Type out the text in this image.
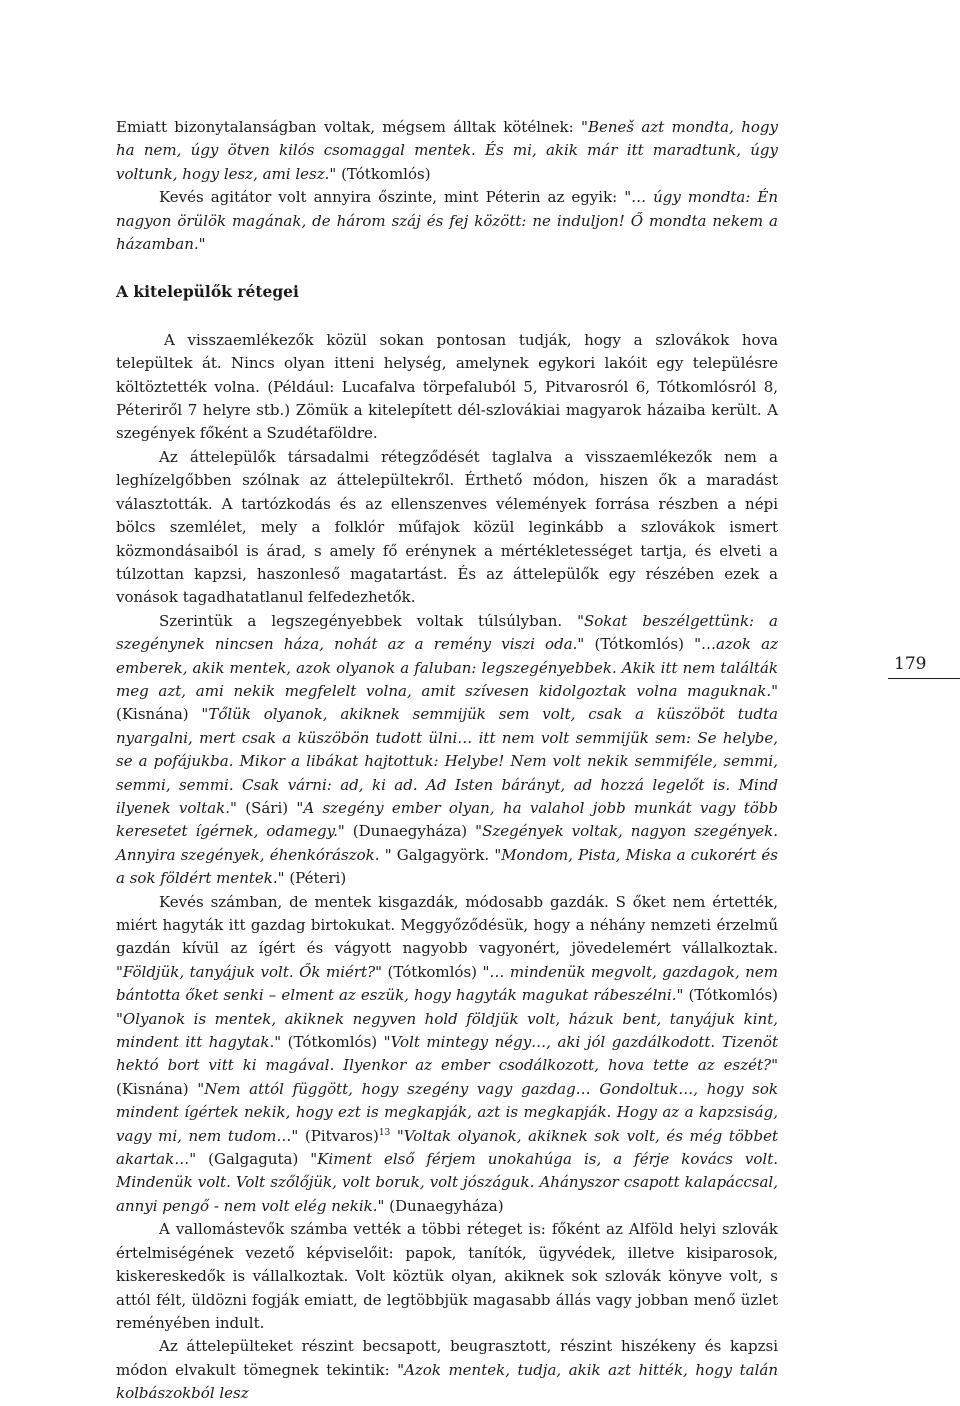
Emiatt bizonytalanságban voltak, mégsem álltak kötélnek: "Beneš azt mondta, hogy ha nem, úgy ötven kilós csomaggal mentek. És mi, akik már itt maradtunk, úgy voltunk, hogy lesz, ami lesz." (Tótkomlós)

Kevés agitátor volt annyira őszinte, mint Péterin az egyik: "… úgy mondta: Én nagyon örülök magának, de három száj és fej között: ne induljon! Ő mondta nekem a házamban."

A kitelepülők rétegei

A visszaemlékezők közül sokan pontosan tudják, hogy a szlovákok hova települtek át. Nincs olyan itteni helység, amelynek egykori lakóit egy településre költöztették volna. (Például: Lucafalva törpefaluból 5, Pitvarosról 6, Tótkomlósról 8, Péteriről 7 helyre stb.) Zömük a kitelepített dél-szlovákiai magyarok házaiba került. A szegények főként a Szudétaföldre.

Az áttelepülők társadalmi rétegződését taglalva a visszaemlékezők nem a leghízelgőbben szólnak az áttelepültekről. Érthető módon, hiszen ők a maradást választották. A tartózkodás és az ellenszenves vélemények forrása részben a népi bölcs szemlélet, mely a folklór műfajok közül leginkább a szlovákok ismert közmondásaiból is árad, s amely fő erénynek a mértékletességet tartja, és elveti a túlzottan kapzsi, haszonleső magatartást. És az áttelepülők egy részében ezek a vonások tagadhatatlanul felfedezhetők.

Szerintük a legszegényebbek voltak túlsúlyban. "Sokat beszélgettünk: a szegénynek nincsen háza, nohát az a remény viszi oda." (Tótkomlós) "…azok az emberek, akik mentek, azok olyanok a faluban: legszegényebbek. Akik itt nem találták meg azt, ami nekik megfelelt volna, amit szívesen kidolgoztak volna maguknak." (Kisnána) "Tőlük olyanok, akiknek semmijük sem volt, csak a küszöböt tudta nyargalni, mert csak a küszöbön tudott ülni… itt nem volt semmijük sem: Se helybe, se a pofájukba. Mikor a libákat hajtottuk: Helybe! Nem volt nekik semmiféle, semmi, semmi, semmi. Csak várni: ad, ki ad. Ad Isten bárányt, ad hozzá legelőt is. Mind ilyenek voltak." (Sári) "A szegény ember olyan, ha valahol jobb munkát vagy több keresetet ígérnek, odamegy." (Dunaegyháza) "Szegények voltak, nagyon szegények. Annyira szegények, éhenkórászok. " Galgagyörk. "Mondom, Pista, Miska a cukorért és a sok földért mentek." (Péteri)

Kevés számban, de mentek kisgazdák, módosabb gazdák. S őket nem értették, miért hagyták itt gazdag birtokukat. Meggyőződésük, hogy a néhány nemzeti érzelmű gazdán kívül az ígért és vágyott nagyobb vagyonért, jövedelemért vállalkoztak. "Földjük, tanyájuk volt. Ők miért?" (Tótkomlós) "… mindenük megvolt, gazdagok, nem bántotta őket senki – elment az eszük, hogy hagyták magukat rábeszélni." (Tótkomlós) "Olyanok is mentek, akiknek negyven hold földjük volt, házuk bent, tanyájuk kint, mindent itt hagytak." (Tótkomlós) "Volt mintegy négy…, aki jól gazdálkodott. Tizenöt hektó bort vitt ki magával. Ilyenkor az ember csodálkozott, hova tette az eszét?" (Kisnána) "Nem attól függött, hogy szegény vagy gazdag… Gondoltuk…, hogy sok mindent ígértek nekik, hogy ezt is megkapják, azt is megkapják. Hogy az a kapzsiság, vagy mi, nem tudom…" (Pitvaros)$^{13}$ "Voltak olyanok, akiknek sok volt, és még többet akartak…" (Galgaguta) "Kiment első férjem unokahúga is, a férje kovács volt. Mindenük volt. Volt szőlőjük, volt boruk, volt jószáguk. Ahányszor csapott kalapáccsal, annyi pengő - nem volt elég nekik." (Dunaegyháza)

A vallomástevők számba vették a többi réteget is: főként az Alföld helyi szlovák értelmiségének vezető képviselőit: papok, tanítók, ügyvédek, illetve kisiparosok, kiskereskedők is vállalkoztak. Volt köztük olyan, akiknek sok szlovák könyve volt, s attól félt, üldözni fogják emiatt, de legtöbbjük magasabb állás vagy jobban menő üzlet reményében indult.

Az áttelepülteket részint becsapott, beugrasztott, részint hiszékeny és kapzsi módon elvakult tömegnek tekintik: "Azok mentek, tudja, akik azt hitték, hogy talán kolbászokból lesz

179
